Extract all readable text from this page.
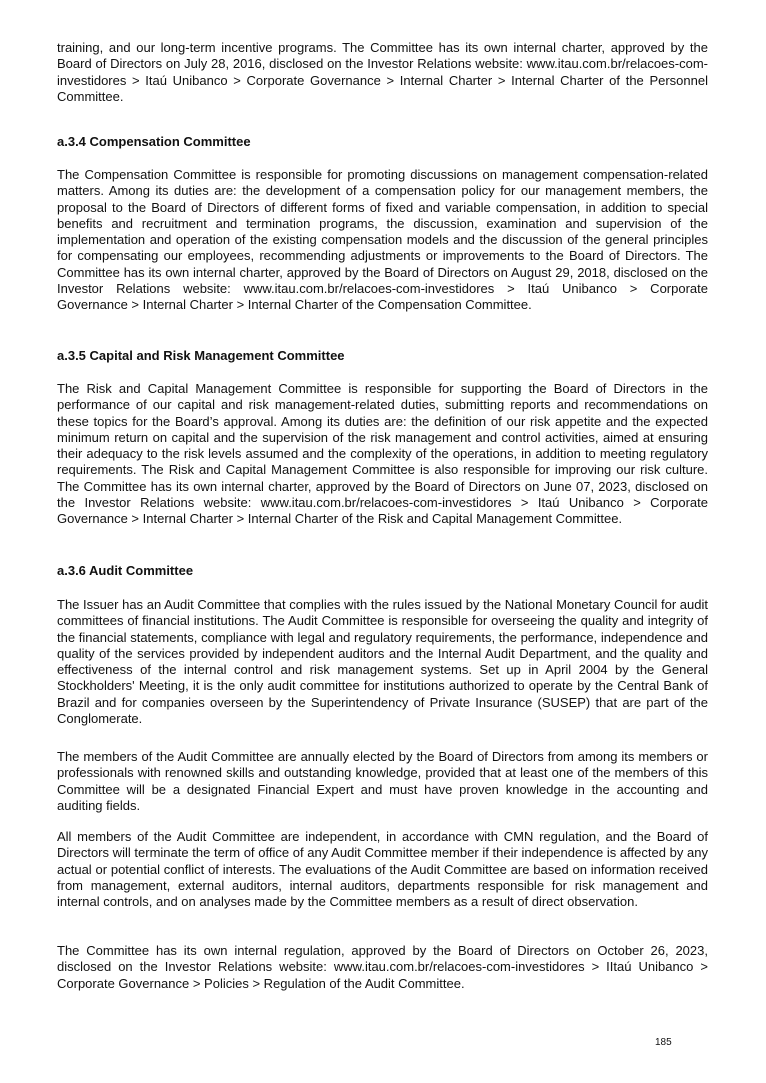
training, and our long-term incentive programs. The Committee has its own internal charter, approved by the Board of Directors on July 28, 2016, disclosed on the Investor Relations website: www.itau.com.br/relacoes-com-investidores > Itaú Unibanco > Corporate Governance > Internal Charter > Internal Charter of the Personnel Committee.

a.3.4 Compensation Committee

The Compensation Committee is responsible for promoting discussions on management compensation-related matters. Among its duties are: the development of a compensation policy for our management members, the proposal to the Board of Directors of different forms of fixed and variable compensation, in addition to special benefits and recruitment and termination programs, the discussion, examination and supervision of the implementation and operation of the existing compensation models and the discussion of the general principles for compensating our employees, recommending adjustments or improvements to the Board of Directors. The Committee has its own internal charter, approved by the Board of Directors on August 29, 2018, disclosed on the Investor Relations website: www.itau.com.br/relacoes-com-investidores > Itaú Unibanco > Corporate Governance > Internal Charter > Internal Charter of the Compensation Committee.

a.3.5 Capital and Risk Management Committee

The Risk and Capital Management Committee is responsible for supporting the Board of Directors in the performance of our capital and risk management-related duties, submitting reports and recommendations on these topics for the Board’s approval. Among its duties are: the definition of our risk appetite and the expected minimum return on capital and the supervision of the risk management and control activities, aimed at ensuring their adequacy to the risk levels assumed and the complexity of the operations, in addition to meeting regulatory requirements. The Risk and Capital Management Committee is also responsible for improving our risk culture. The Committee has its own internal charter, approved by the Board of Directors on June 07, 2023, disclosed on the Investor Relations website: www.itau.com.br/relacoes-com-investidores > Itaú Unibanco > Corporate Governance > Internal Charter > Internal Charter of the Risk and Capital Management Committee.

a.3.6 Audit Committee

The Issuer has an Audit Committee that complies with the rules issued by the National Monetary Council for audit committees of financial institutions. The Audit Committee is responsible for overseeing the quality and integrity of the financial statements, compliance with legal and regulatory requirements, the performance, independence and quality of the services provided by independent auditors and the Internal Audit Department, and the quality and effectiveness of the internal control and risk management systems. Set up in April 2004 by the General Stockholders' Meeting, it is the only audit committee for institutions authorized to operate by the Central Bank of Brazil and for companies overseen by the Superintendency of Private Insurance (SUSEP) that are part of the Conglomerate.

The members of the Audit Committee are annually elected by the Board of Directors from among its members or professionals with renowned skills and outstanding knowledge, provided that at least one of the members of this Committee will be a designated Financial Expert and must have proven knowledge in the accounting and auditing fields.

All members of the Audit Committee are independent, in accordance with CMN regulation, and the Board of Directors will terminate the term of office of any Audit Committee member if their independence is affected by any actual or potential conflict of interests. The evaluations of the Audit Committee are based on information received from management, external auditors, internal auditors, departments responsible for risk management and internal controls, and on analyses made by the Committee members as a result of direct observation.

The Committee has its own internal regulation, approved by the Board of Directors on October 26, 2023, disclosed on the Investor Relations website: www.itau.com.br/relacoes-com-investidores > IItaú Unibanco > Corporate Governance > Policies > Regulation of the Audit Committee.

185
